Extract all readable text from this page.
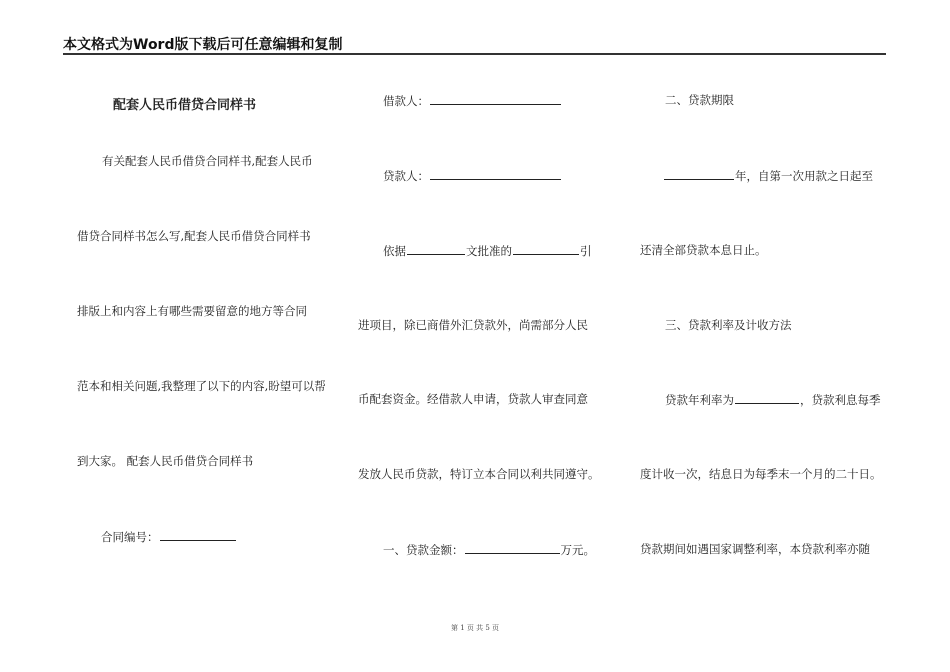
本文格式为Word版下载后可任意编辑和复制
配套人民币借贷合同样书
有关配套人民币借贷合同样书,配套人民币
借贷合同样书怎么写,配套人民币借贷合同样书
排版上和内容上有哪些需要留意的地方等合同
范本和相关问题,我整理了以下的内容,盼望可以帮
到大家。 配套人民币借贷合同样书
合同编号：
借款人：
贷款人：
依据	文批准的	引
进项目，除已商借外汇贷款外，尚需部分人民
币配套资金。经借款人申请，贷款人审查同意
发放人民币贷款，特订立本合同以利共同遵守。
一、贷款金额：	万元。
二、贷款期限
年，自第一次用款之日起至
还清全部贷款本息日止。
三、贷款利率及计收方法
贷款年利率为	，贷款利息每季
度计收一次，结息日为每季末一个月的二十日。
贷款期间如遇国家调整利率，本贷款利率亦随
第 1 页 共 5 页
